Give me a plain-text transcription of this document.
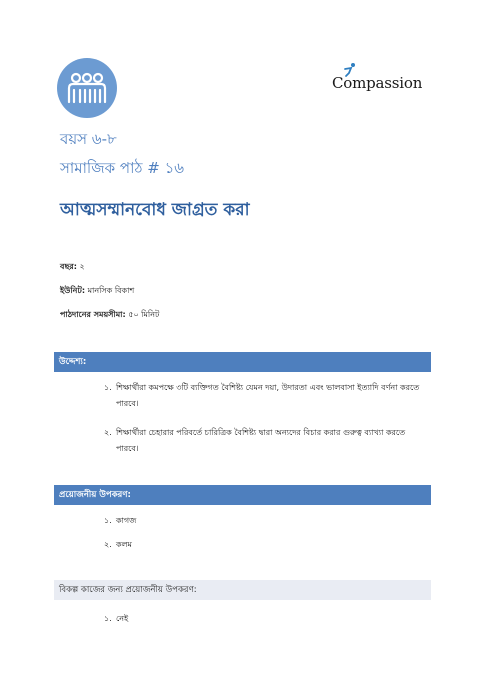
Compassion
বয়স ৬-৮
সামাজিক পাঠ # ১৬
আত্মসম্মানবোধ জাগ্রত করা
বছর: ২
ইউনিট: মানসিক বিকাশ
পাঠদানের সময়সীমা: ৫০ মিনিট
উদ্দেশ্য:
১. শিক্ষার্থীরা কমপক্ষে ৩টি ব্যক্তিগত বৈশিষ্ট্য যেমন দয়া, উদারতা এবং ভালবাসা ইত্যাদি বর্ণনা করতে
পারবে।
২. শিক্ষার্থীরা চেহারার পরিবর্তে চারিত্রিক বৈশিষ্ট্য দ্বারা অন্যদের বিচার করার গুরুত্ব ব্যাখ্যা করতে
পারবে।
প্রয়োজনীয় উপকরণ:
১. কাগজ
২. কলম
বিকল্প কাজের জন্য প্রয়োজনীয় উপকরণ:
১. নেই
